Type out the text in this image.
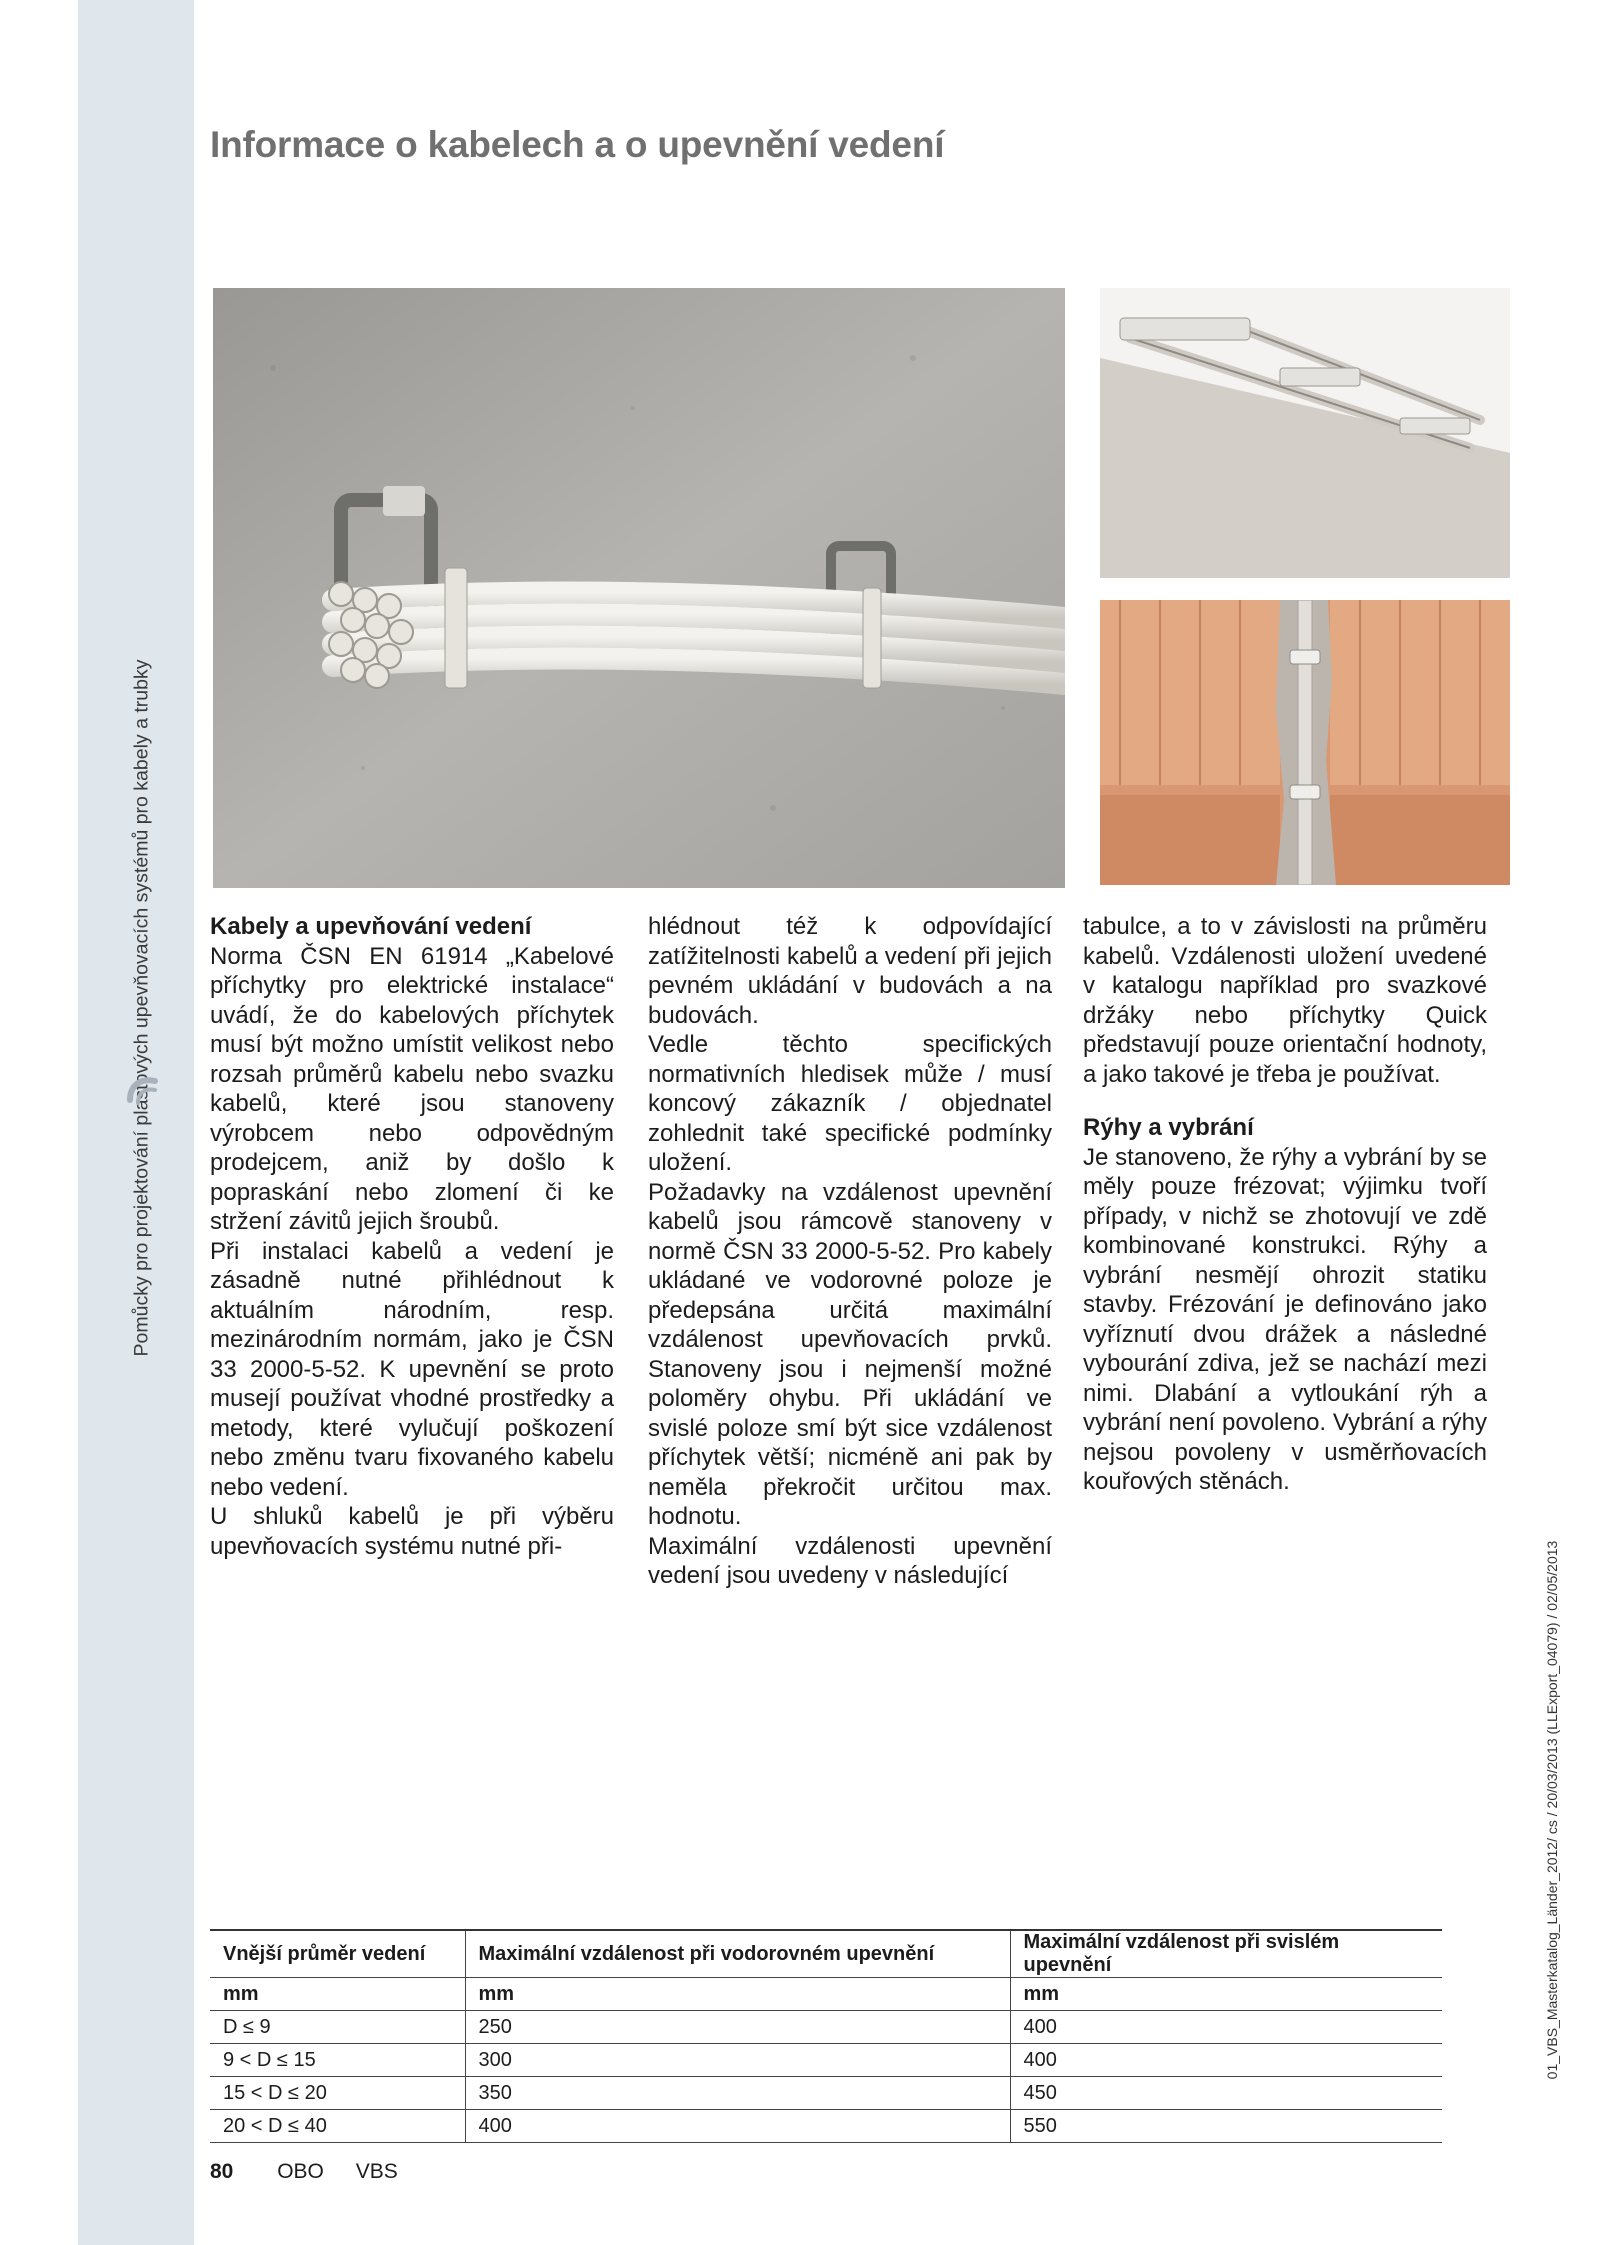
Pomůcky pro projektování plastových upevňovacích systémů pro kabely a trubky
Informace o kabelech a o upevnění vedení
Kabely a upevňování vedení

Norma ČSN EN 61914 „Kabelové příchytky pro elektrické instalace“ uvádí, že do kabelových příchytek musí být možno umístit velikost nebo rozsah průměrů kabelu nebo svazku kabelů, které jsou stanoveny výrobcem nebo odpovědným prodejcem, aniž by došlo k popraskání nebo zlomení či ke stržení závitů jejich šroubů.

Při instalaci kabelů a vedení je zásadně nutné přihlédnout k aktuálním národním, resp. mezinárodním normám, jako je ČSN 33 2000-5-52. K upevnění se proto musejí používat vhodné prostředky a metody, které vylučují poškození nebo změnu tvaru fixovaného kabelu nebo vedení.

U shluků kabelů je při výběru upevňovacích systému nutné při-

hlédnout též k odpovídající zatížitelnosti kabelů a vedení při jejich pevném ukládání v budovách a na budovách.

Vedle těchto specifických normativních hledisek může / musí koncový zákazník / objednatel zohlednit také specifické podmínky uložení.

Požadavky na vzdálenost upevnění kabelů jsou rámcově stanoveny v normě ČSN 33 2000-5-52. Pro kabely ukládané ve vodorovné poloze je předepsána určitá maximální vzdálenost upevňovacích prvků. Stanoveny jsou i nejmenší možné poloměry ohybu. Při ukládání ve svislé poloze smí být sice vzdálenost příchytek větší; nicméně ani pak by neměla překročit určitou max. hodnotu.

Maximální vzdálenosti upevnění vedení jsou uvedeny v následující

tabulce, a to v závislosti na průměru kabelů. Vzdálenosti uložení uvedené v katalogu například pro svazkové držáky nebo příchytky Quick představují pouze orientační hodnoty, a jako takové je třeba je používat.

Rýhy a vybrání

Je stanoveno, že rýhy a vybrání by se měly pouze frézovat; výjimku tvoří případy, v nichž se zhotovují ve zdě kombinované konstrukci. Rýhy a vybrání nesmějí ohrozit statiku stavby. Frézování je definováno jako vyříznutí dvou drážek a následné vybourání zdiva, jež se nachází mezi nimi. Dlabání a vytloukání rýh a vybrání není povoleno. Vybrání a rýhy nejsou povoleny v usměrňovacích kouřových stěnách.

Vnější průměr vedení	Maximální vzdálenost při vodorovném upevnění	Maximální vzdálenost při svislém upevnění
mm	mm	mm
D ≤ 9	250	400
9 < D ≤ 15	300	400
15 < D ≤ 20	350	450
20 < D ≤ 40	400	550
80 OBO VBS
01_VBS_Masterkatalog_Länder_2012/ cs / 20/03/2013 (LLExport_04079) / 02/05/2013
